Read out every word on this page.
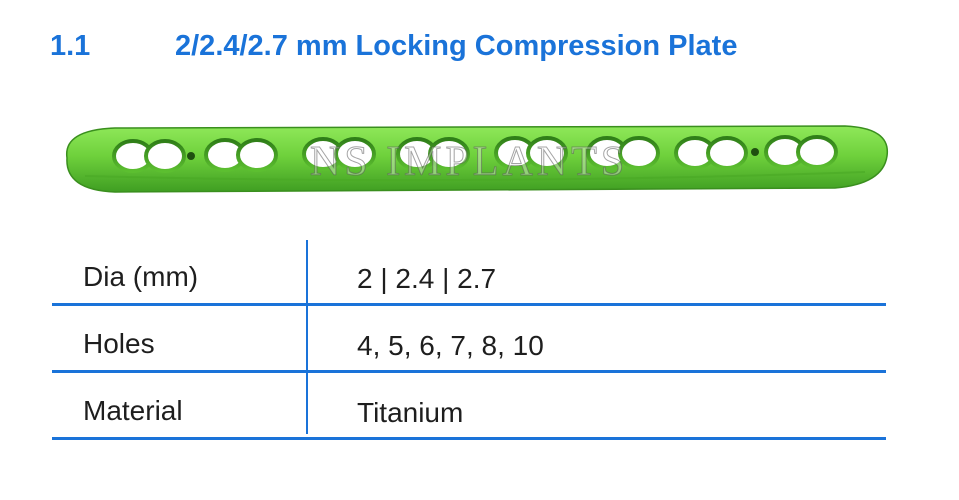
1.1	2/2.4/2.7 mm Locking Compression Plate
NS IMPLANTS
Dia (mm)	2 | 2.4 | 2.7
Holes	4, 5, 6, 7, 8, 10
Material	Titanium
